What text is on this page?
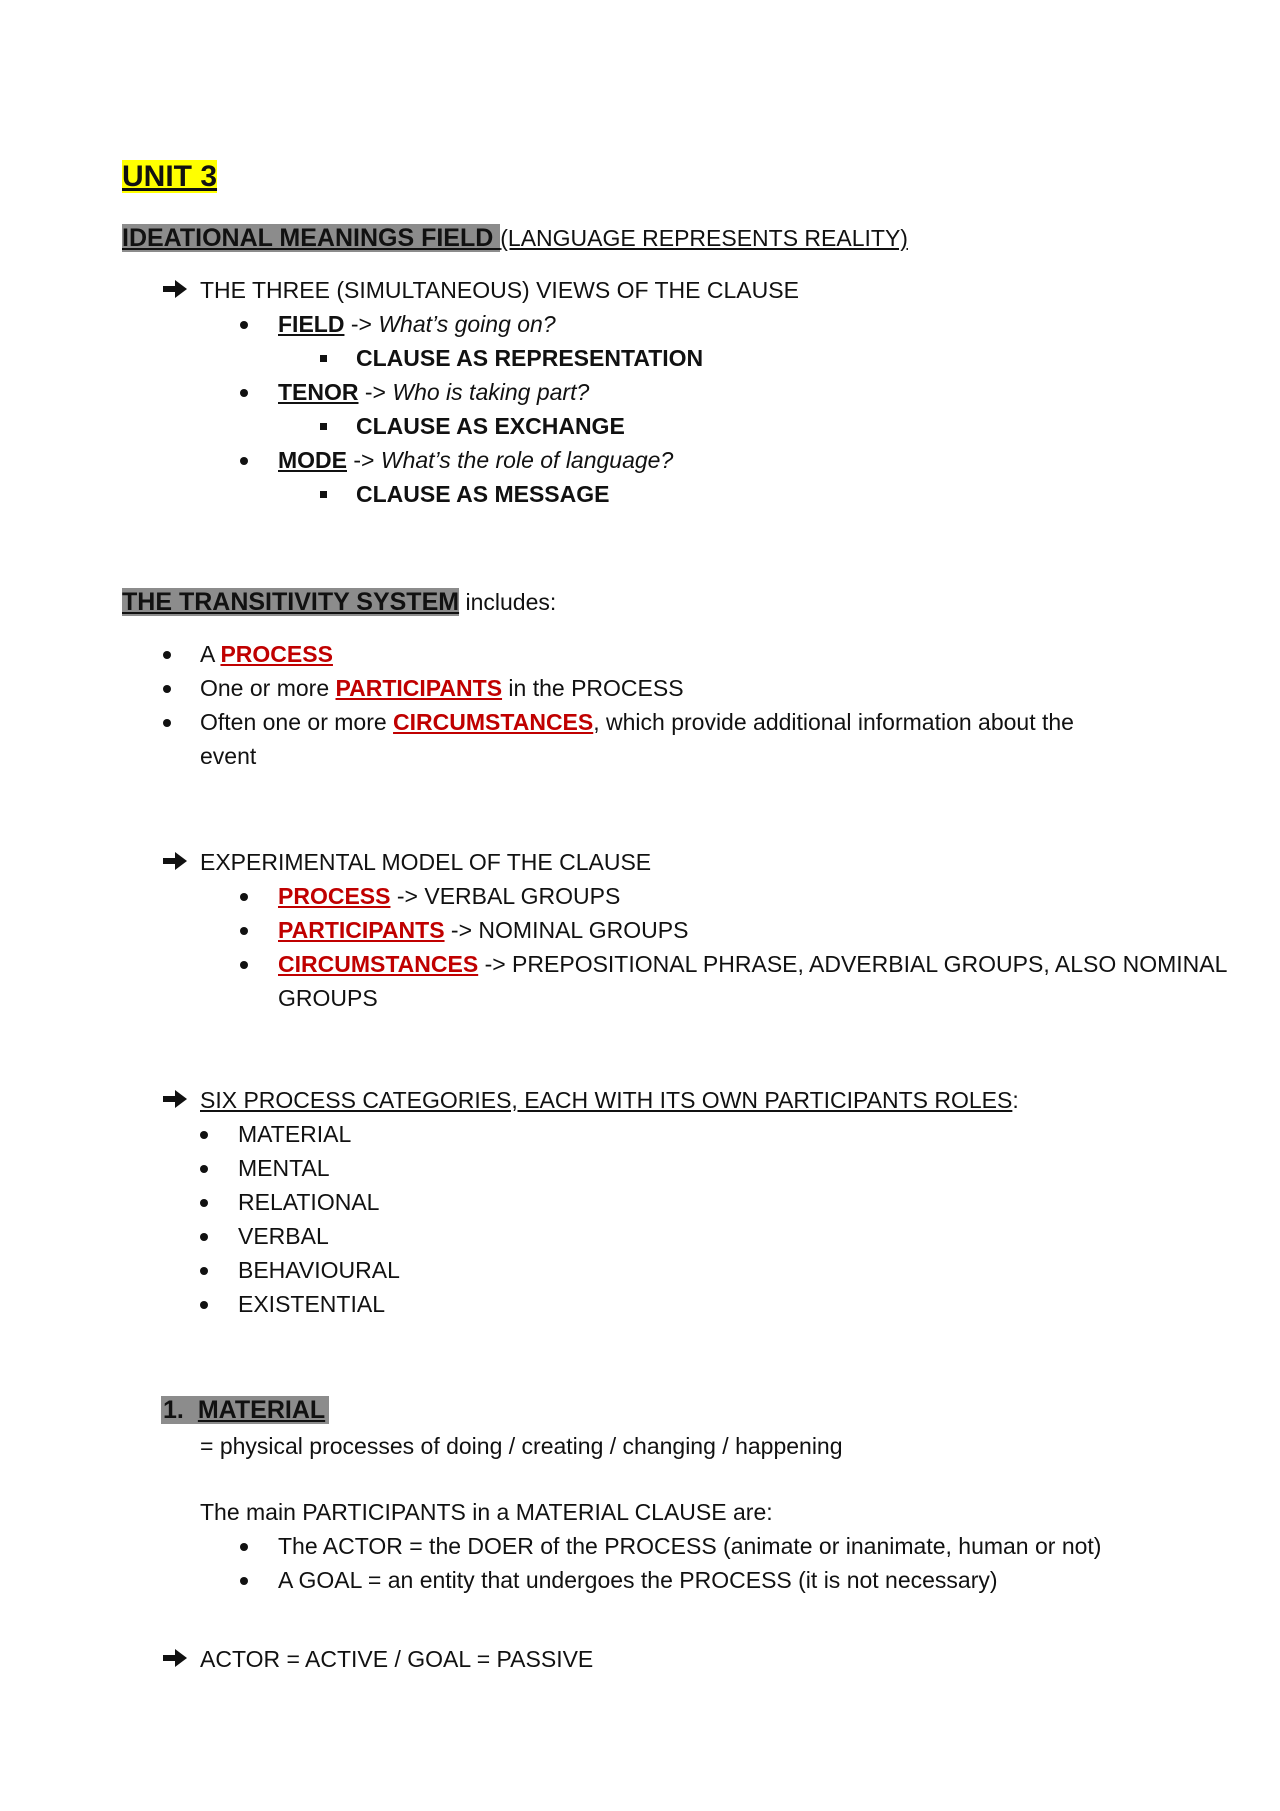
UNIT 3
IDEATIONAL MEANINGS FIELD (LANGUAGE REPRESENTS REALITY)
THE THREE (SIMULTANEOUS) VIEWS OF THE CLAUSE
FIELD -> What’s going on?
CLAUSE AS REPRESENTATION
TENOR -> Who is taking part?
CLAUSE AS EXCHANGE
MODE -> What’s the role of language?
CLAUSE AS MESSAGE
THE TRANSITIVITY SYSTEM includes:
A PROCESS
One or more PARTICIPANTS in the PROCESS
Often one or more CIRCUMSTANCES, which provide additional information about the
event
EXPERIMENTAL MODEL OF THE CLAUSE
PROCESS -> VERBAL GROUPS
PARTICIPANTS -> NOMINAL GROUPS
CIRCUMSTANCES -> PREPOSITIONAL PHRASE, ADVERBIAL GROUPS, ALSO NOMINAL
GROUPS
SIX PROCESS CATEGORIES, EACH WITH ITS OWN PARTICIPANTS ROLES:
MATERIAL
MENTAL
RELATIONAL
VERBAL
BEHAVIOURAL
EXISTENTIAL
1. MATERIAL
= physical processes of doing / creating / changing / happening
The main PARTICIPANTS in a MATERIAL CLAUSE are:
The ACTOR = the DOER of the PROCESS (animate or inanimate, human or not)
A GOAL = an entity that undergoes the PROCESS (it is not necessary)
ACTOR = ACTIVE / GOAL = PASSIVE
